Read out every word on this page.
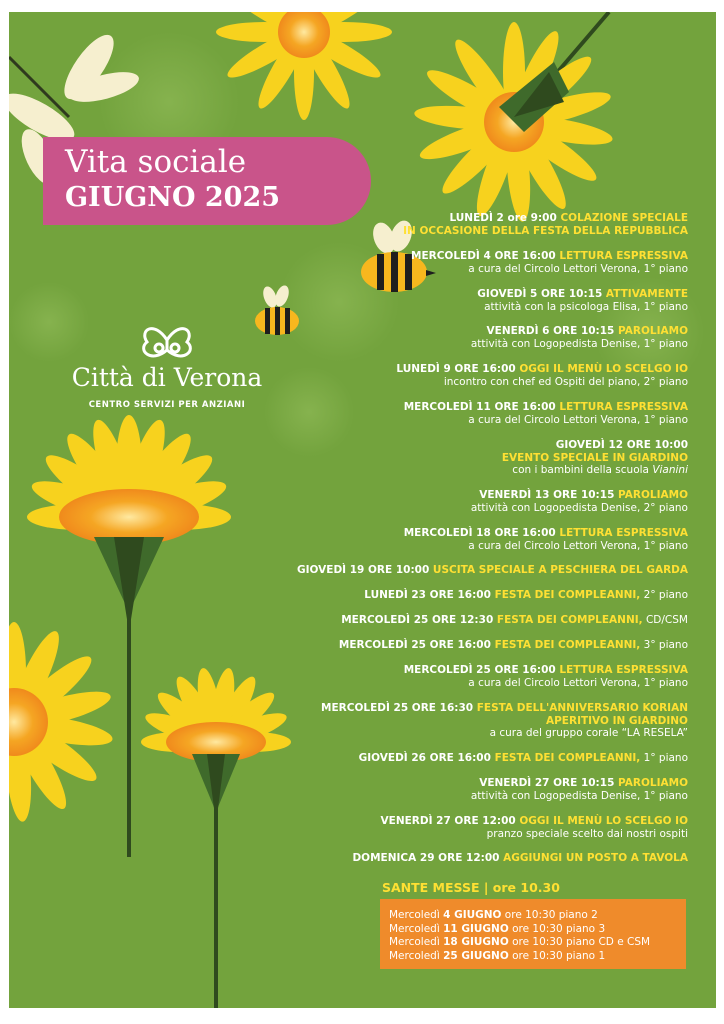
Vita sociale
GIUGNO 2025
Città di Verona
CENTRO SERVIZI PER ANZIANI
LUNEDÌ 2 ore 9:00 COLAZIONE SPECIALE
IN OCCASIONE DELLA FESTA DELLA REPUBBLICA
MERCOLEDÌ 4 ORE 16:00 LETTURA ESPRESSIVA
a cura del Circolo Lettori Verona, 1° piano
GIOVEDÌ 5 ORE 10:15 ATTIVAMENTE
attività con la psicologa Elisa, 1° piano
VENERDÌ 6 ORE 10:15 PAROLIAMO
attività con Logopedista Denise, 1° piano
LUNEDÌ 9 ORE 16:00 OGGI IL MENÙ LO SCELGO IO
incontro con chef ed Ospiti del piano, 2° piano
MERCOLEDÌ 11 ORE 16:00 LETTURA ESPRESSIVA
a cura del Circolo Lettori Verona, 1° piano
GIOVEDÌ 12 ORE 10:00
EVENTO SPECIALE IN GIARDINO
con i bambini della scuola Vianini
VENERDÌ 13 ORE 10:15 PAROLIAMO
attività con Logopedista Denise, 2° piano
MERCOLEDÌ 18 ORE 16:00 LETTURA ESPRESSIVA
a cura del Circolo Lettori Verona, 1° piano
GIOVEDÌ 19 ORE 10:00 USCITA SPECIALE A PESCHIERA DEL GARDA
LUNEDÌ 23 ORE 16:00 FESTA DEI COMPLEANNI, 2° piano
MERCOLEDÌ 25 ORE 12:30 FESTA DEI COMPLEANNI, CD/CSM
MERCOLEDÌ 25 ORE 16:00 FESTA DEI COMPLEANNI, 3° piano
MERCOLEDÌ 25 ORE 16:00 LETTURA ESPRESSIVA
a cura del Circolo Lettori Verona, 1° piano
MERCOLEDÌ 25 ORE 16:30 FESTA DELL'ANNIVERSARIO KORIAN
APERITIVO IN GIARDINO
a cura del gruppo corale “LA RESELA”
GIOVEDÌ 26 ORE 16:00 FESTA DEI COMPLEANNI, 1° piano
VENERDÌ 27 ORE 10:15 PAROLIAMO
attività con Logopedista Denise, 1° piano
VENERDÌ 27 ORE 12:00 OGGI IL MENÙ LO SCELGO IO
pranzo speciale scelto dai nostri ospiti
DOMENICA 29 ORE 12:00 AGGIUNGI UN POSTO A TAVOLA
SANTE MESSE | ore 10.30
Mercoledì 4 GIUGNO ore 10:30 piano 2
Mercoledì 11 GIUGNO ore 10:30 piano 3
Mercoledì 18 GIUGNO ore 10:30 piano CD e CSM
Mercoledì 25 GIUGNO ore 10:30 piano 1
